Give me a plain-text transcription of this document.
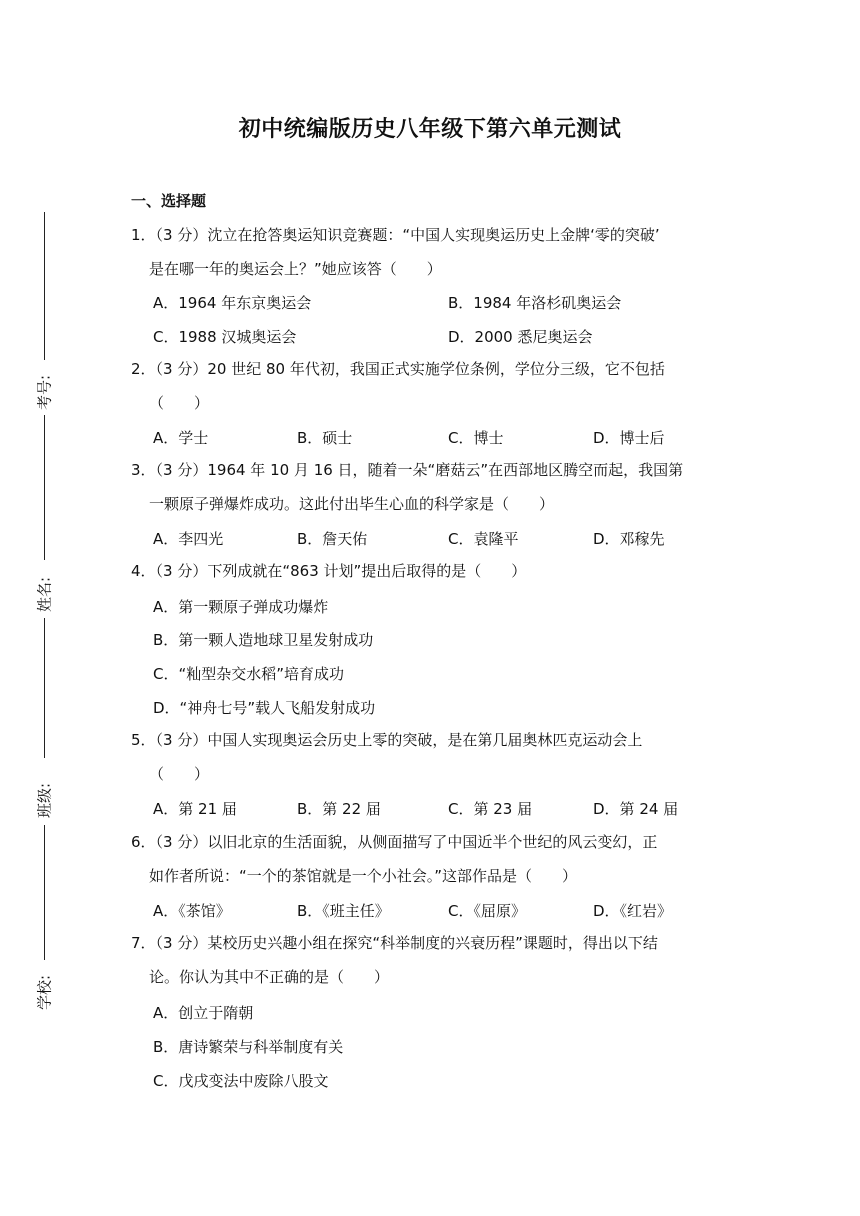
初中统编版历史八年级下第六单元测试
一、选择题
考号:
姓名:
班级:
学校:
1．（3 分）沈立在抢答奥运知识竞赛题：“中国人实现奥运历史上金牌‘零的突破’
是在哪一年的奥运会上？”她应该答（　　）
A．1964 年东京奥运会	B．1984 年洛杉矶奥运会
C．1988 汉城奥运会	D．2000 悉尼奥运会
2．（3 分）20 世纪 80 年代初，我国正式实施学位条例，学位分三级，它不包括
（　　）
A．学士	B．硕士	C．博士	D．博士后
3．（3 分）1964 年 10 月 16 日，随着一朵“磨菇云”在西部地区腾空而起，我国第
一颗原子弹爆炸成功。这此付出毕生心血的科学家是（　　）
A．李四光	B．詹天佑	C．袁隆平	D．邓稼先
4．（3 分）下列成就在“863 计划”提出后取得的是（　　）
A．第一颗原子弹成功爆炸
B．第一颗人造地球卫星发射成功
C．“籼型杂交水稻”培育成功
D．“神舟七号”载人飞船发射成功
5．（3 分）中国人实现奥运会历史上零的突破，是在第几届奥林匹克运动会上
（　　）
A．第 21 届	B．第 22 届	C．第 23 届	D．第 24 届
6．（3 分）以旧北京的生活面貌，从侧面描写了中国近半个世纪的风云变幻，正
如作者所说：“一个的茶馆就是一个小社会。”这部作品是（　　）
A．《茶馆》	B．《班主任》	C．《屈原》	D．《红岩》
7．（3 分）某校历史兴趣小组在探究“科举制度的兴衰历程”课题时，得出以下结
论。你认为其中不正确的是（　　）
A．创立于隋朝
B．唐诗繁荣与科举制度有关
C．戊戌变法中废除八股文
